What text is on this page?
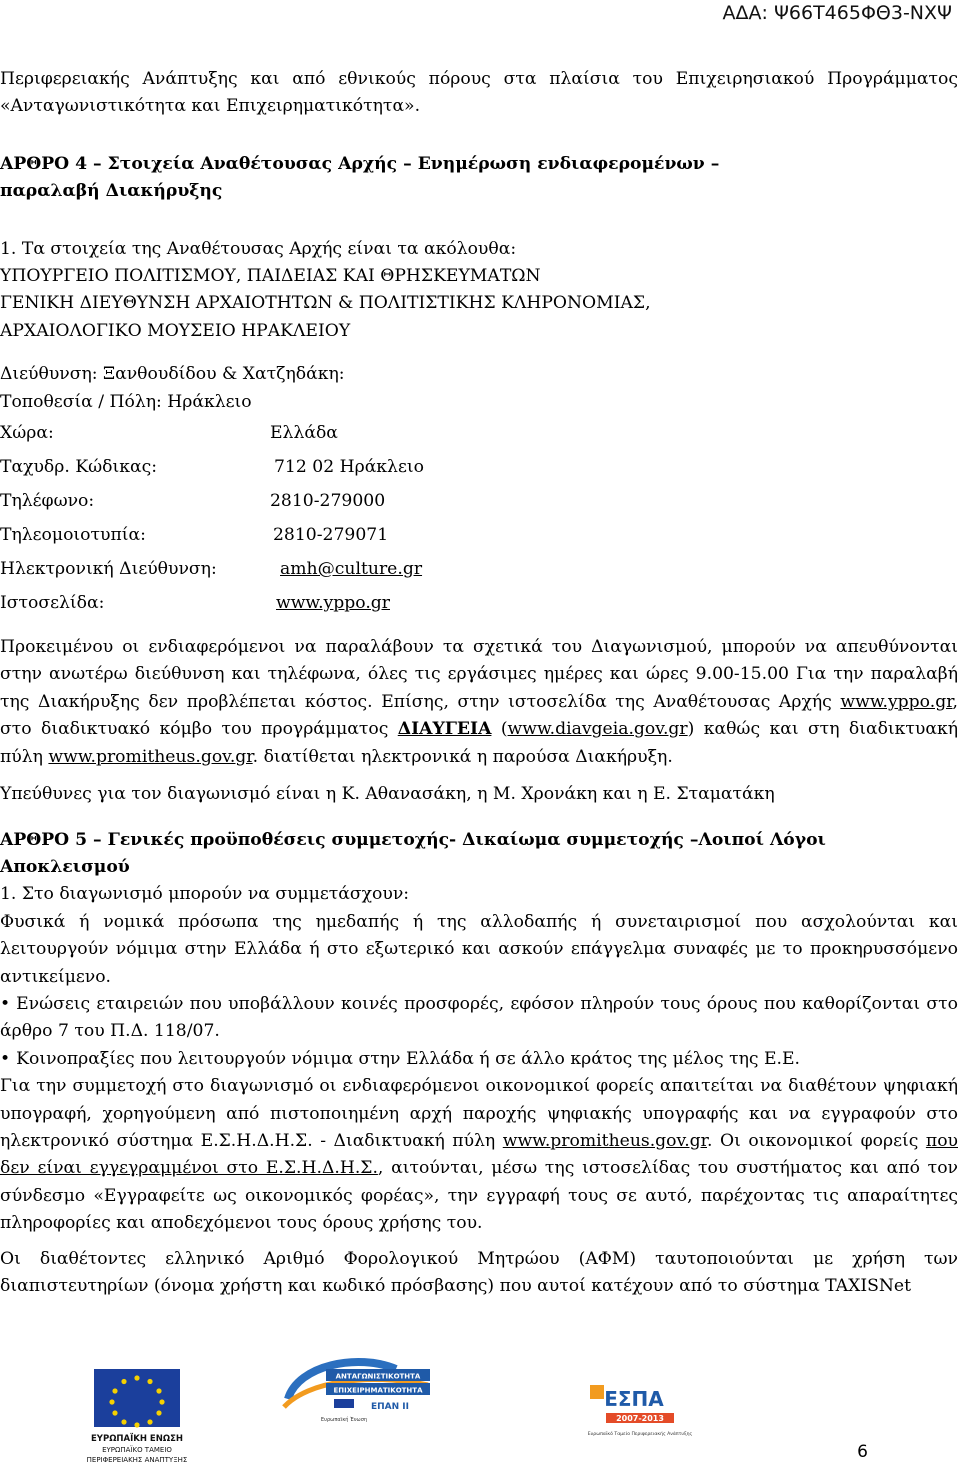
ΑΔΑ: Ψ66Τ465ΦΘ3-ΝΧΨ

Περιφερειακής Ανάπτυξης και από εθνικούς πόρους στα πλαίσια του Επιχειρησιακού Προγράμματος «Ανταγωνιστικότητα και Επιχειρηματικότητα».

ΑΡΘΡΟ 4 – Στοιχεία Αναθέτουσας Αρχής – Ενημέρωση ενδιαφερομένων –

παραλαβή Διακήρυξης

1. Τα στοιχεία της Αναθέτουσας Αρχής είναι τα ακόλουθα:

ΥΠΟΥΡΓΕΙΟ ΠΟΛΙΤΙΣΜΟΥ, ΠΑΙΔΕΙΑΣ ΚΑΙ ΘΡΗΣΚΕΥΜΑΤΩΝ

ΓΕΝΙΚΗ ΔΙΕΥΘΥΝΣΗ ΑΡΧΑΙΟΤΗΤΩΝ & ΠΟΛΙΤΙΣΤΙΚΗΣ ΚΛΗΡΟΝΟΜΙΑΣ,

ΑΡΧΑΙΟΛΟΓΙΚΟ ΜΟΥΣΕΙΟ ΗΡΑΚΛΕΙΟΥ

Διεύθυνση: Ξανθουδίδου & Χατζηδάκη:

Τοποθεσία / Πόλη: Ηράκλειο

Χώρα:	Ελλάδα
Ταχυδρ. Κώδικας:	712 02 Ηράκλειο
Τηλέφωνο:	2810-279000
Τηλεομοιοτυπία:	2810-279071
Ηλεκτρονική Διεύθυνση:	amh@culture.gr
Ιστοσελίδα:	www.yppo.gr

Προκειμένου οι ενδιαφερόμενοι να παραλάβουν τα σχετικά του Διαγωνισμού, μπορούν να απευθύνονται στην ανωτέρω διεύθυνση και τηλέφωνα, όλες τις εργάσιμες ημέρες και ώρες 9.00-15.00 Για την παραλαβή της Διακήρυξης δεν προβλέπεται κόστος. Επίσης, στην ιστοσελίδα της Αναθέτουσας Αρχής www.yppo.gr, στο διαδικτυακό κόμβο του προγράμματος ΔΙΑΥΓΕΙΑ (www.diavgeia.gov.gr) καθώς και στη διαδικτυακή πύλη www.promitheus.gov.gr. διατίθεται ηλεκτρονικά η παρούσα Διακήρυξη.

Υπεύθυνες για τον διαγωνισμό είναι η Κ. Αθανασάκη, η Μ. Χρονάκη και η Ε. Σταματάκη

ΑΡΘΡΟ 5 – Γενικές προϋποθέσεις συμμετοχής- Δικαίωμα συμμετοχής –Λοιποί Λόγοι Αποκλεισμού

1. Στο διαγωνισμό μπορούν να συμμετάσχουν:

Φυσικά ή νομικά πρόσωπα της ημεδαπής ή της αλλοδαπής ή συνεταιρισμοί που ασχολούνται και λειτουργούν νόμιμα στην Ελλάδα ή στο εξωτερικό και ασκούν επάγγελμα συναφές με το προκηρυσσόμενο αντικείμενο.

• Ενώσεις εταιρειών που υποβάλλουν κοινές προσφορές, εφόσον πληρούν τους όρους που καθορίζονται στο άρθρο 7 του Π.Δ. 118/07.

• Κοινοπραξίες που λειτουργούν νόμιμα στην Ελλάδα ή σε άλλο κράτος της μέλος της Ε.Ε.

Για την συμμετοχή στο διαγωνισμό οι ενδιαφερόμενοι οικονομικοί φορείς απαιτείται να διαθέτουν ψηφιακή υπογραφή, χορηγούμενη από πιστοποιημένη αρχή παροχής ψηφιακής υπογραφής και να εγγραφούν στο ηλεκτρονικό σύστημα Ε.Σ.Η.Δ.Η.Σ. - Διαδικτυακή πύλη www.promitheus.gov.gr. Οι οικονομικοί φορείς που δεν είναι εγγεγραμμένοι στο Ε.Σ.Η.Δ.Η.Σ., αιτούνται, μέσω της ιστοσελίδας του συστήματος και από τον σύνδεσμο «Εγγραφείτε ως οικονομικός φορέας», την εγγραφή τους σε αυτό, παρέχοντας τις απαραίτητες πληροφορίες και αποδεχόμενοι τους όρους χρήσης του.

Οι διαθέτοντες ελληνικό Αριθμό Φορολογικού Μητρώου (ΑΦΜ) ταυτοποιούνται με χρήση των διαπιστευτηρίων (όνομα χρήστη και κωδικό πρόσβασης) που αυτοί κατέχουν από το σύστημα TAXISNet

ΕΥΡΩΠΑΪΚΗ ΕΝΩΣΗ
ΕΥΡΩΠΑΪΚΟ ΤΑΜΕΙΟ
ΠΕΡΙΦΕΡΕΙΑΚΗΣ ΑΝΑΠΤΥΞΗΣ
ΑΝΤΑΓΩΝΙΣΤΙΚΟΤΗΤΑ
ΕΠΙΧΕΙΡΗΜΑΤΙΚΟΤΗΤΑ
ΕΠΑΝ ΙΙ
Ευρωπαϊκή Ένωση
ΕΣΠΑ
2007-2013
Ευρωπαϊκό Ταμείο Περιφερειακής Ανάπτυξης
6
